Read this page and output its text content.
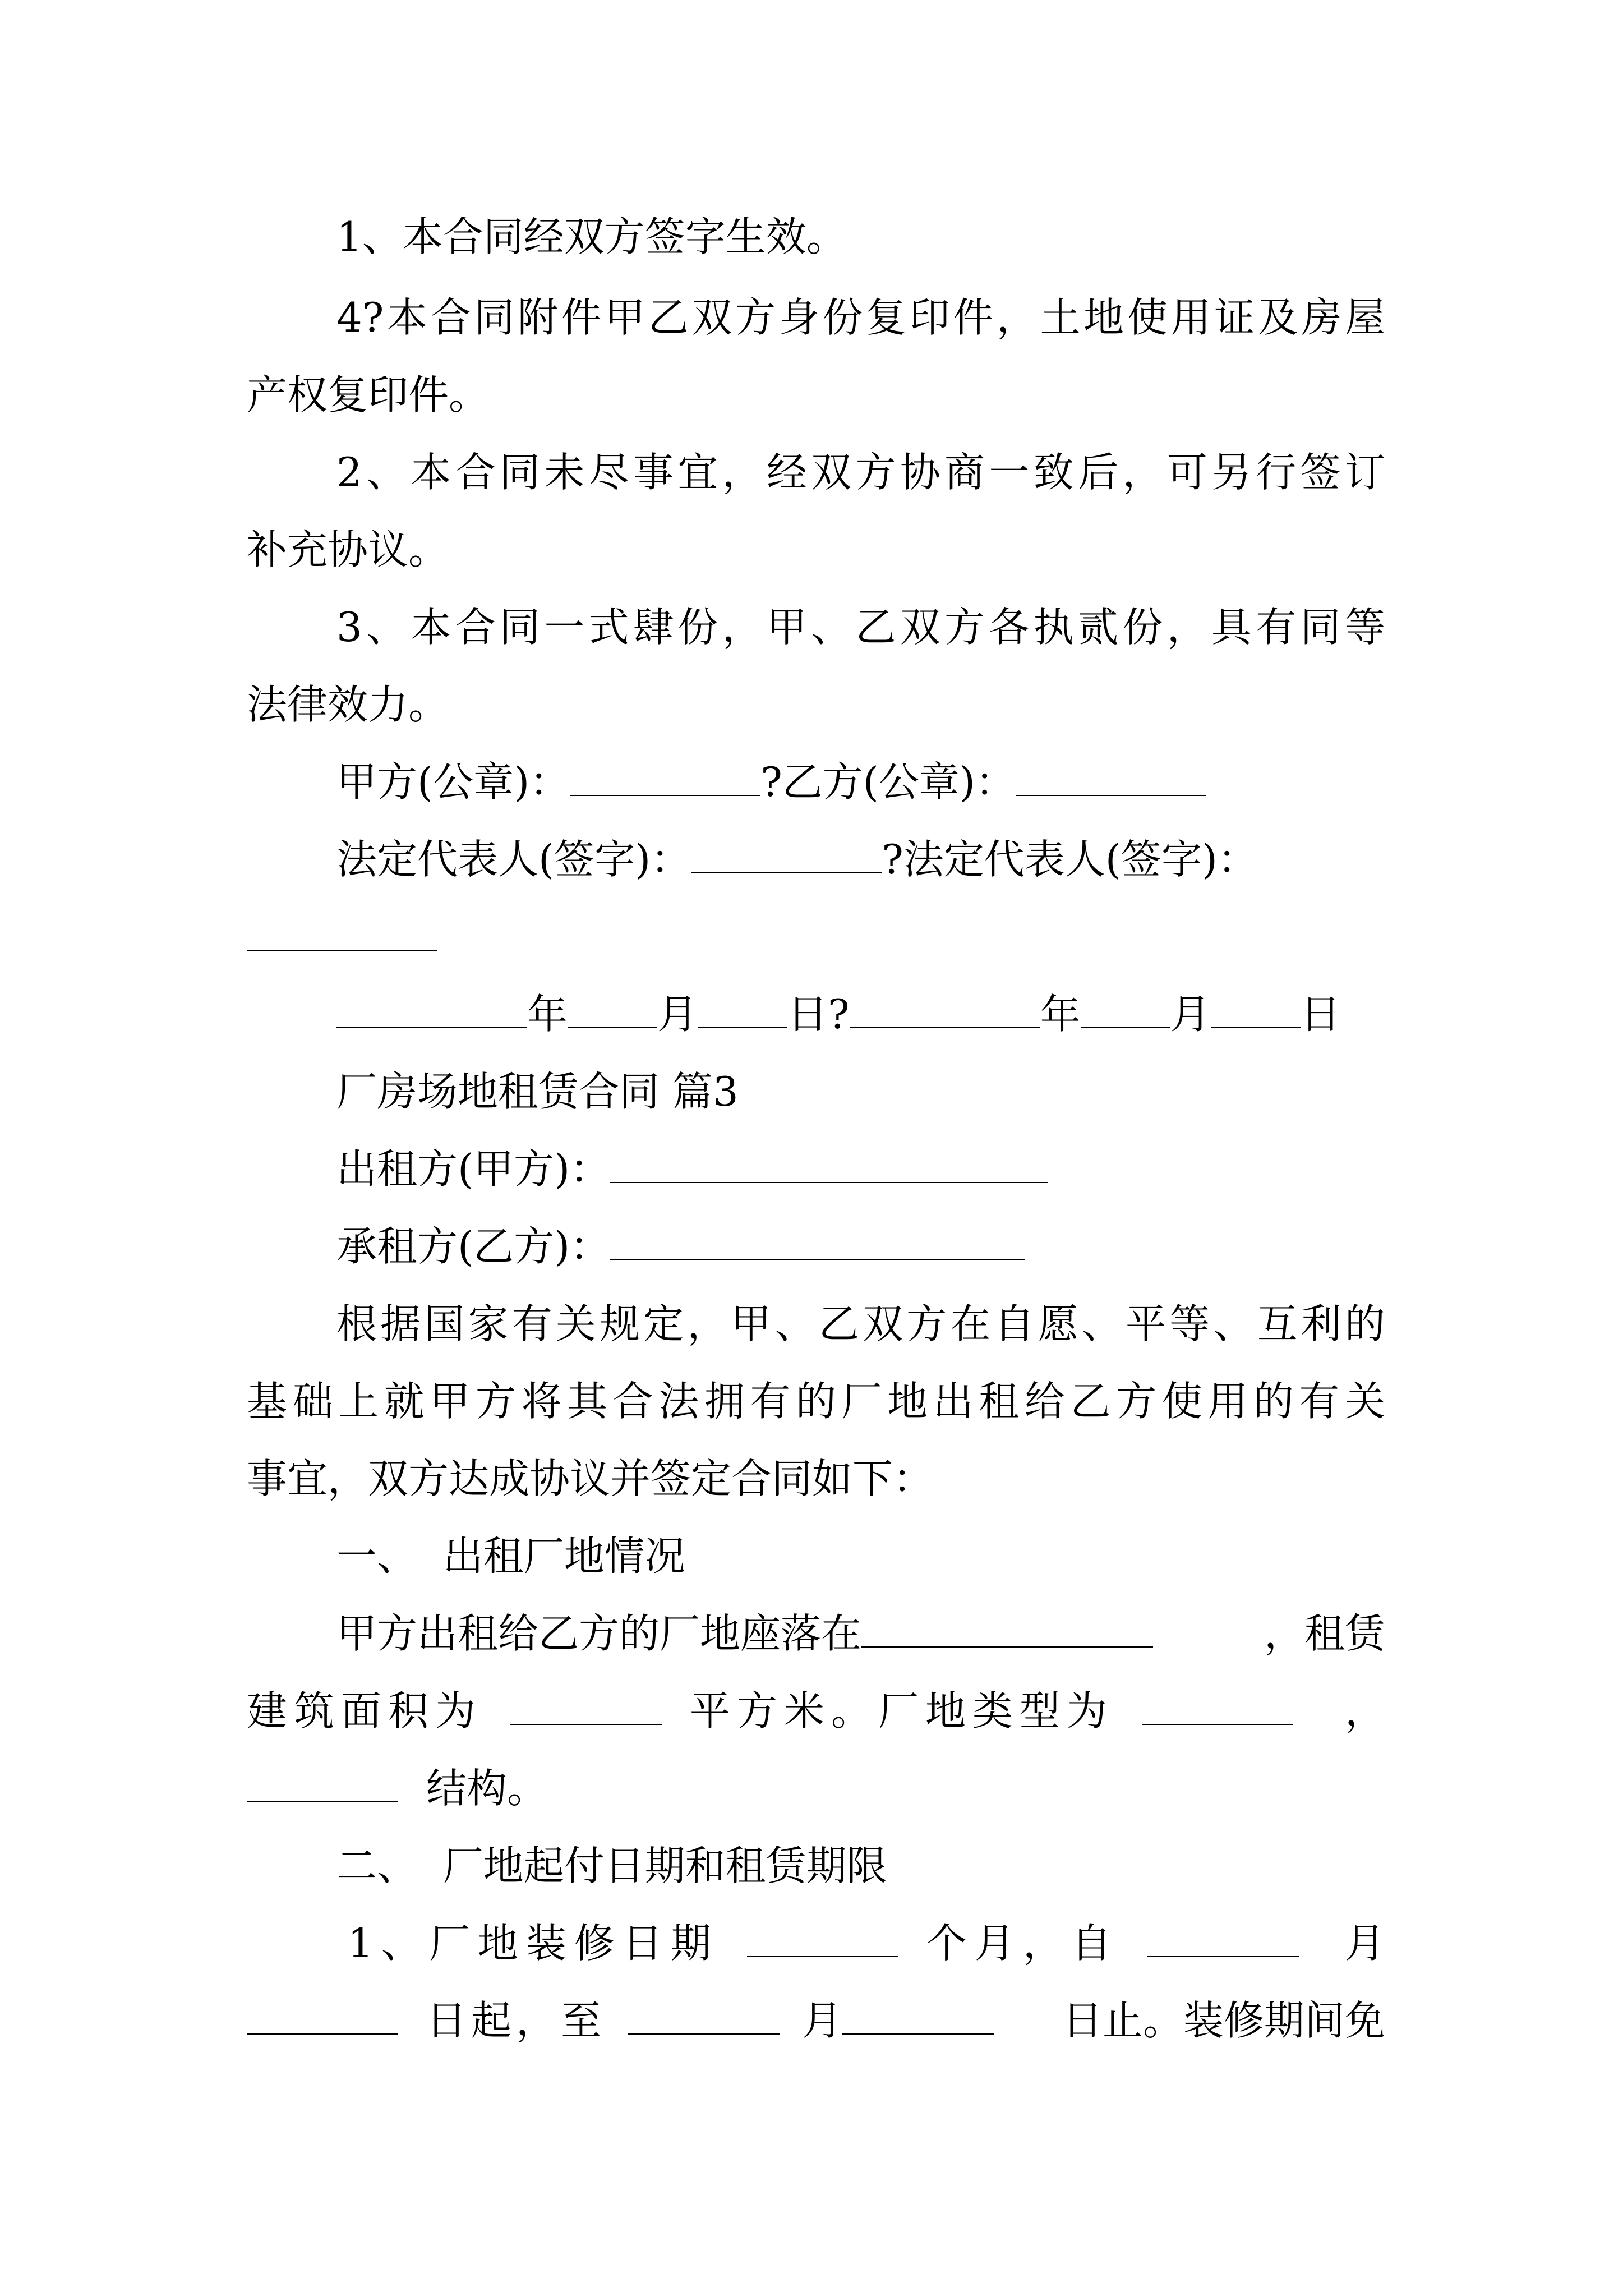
1、本合同经双方签字生效。
4?本合同附件甲乙双方身份复印件，土地使用证及房屋
产权复印件。
2、本合同未尽事宜，经双方协商一致后，可另行签订
补充协议。
3、本合同一式肆份，甲、乙双方各执贰份，具有同等
法律效力。
甲方(公章)：	?乙方(公章)：
法定代表人(签字)：	?法定代表人(签字)：
年 月 日?	年 月 日
厂房场地租赁合同 篇3
出租方(甲方)：
承租方(乙方)：
根据国家有关规定，甲、乙双方在自愿、平等、互利的
基础上就甲方将其合法拥有的厂地出租给乙方使用的有关
事宜，双方达成协议并签定合同如下：
一、  出租厂地情况
甲方出租给乙方的厂地座落在	，租赁
建筑面积为	平方米。厂地类型为	，
结构。
二、  厂地起付日期和租赁期限
1、厂地装修日期	个月，自	月
日起，至	月	日止。装修期间免
